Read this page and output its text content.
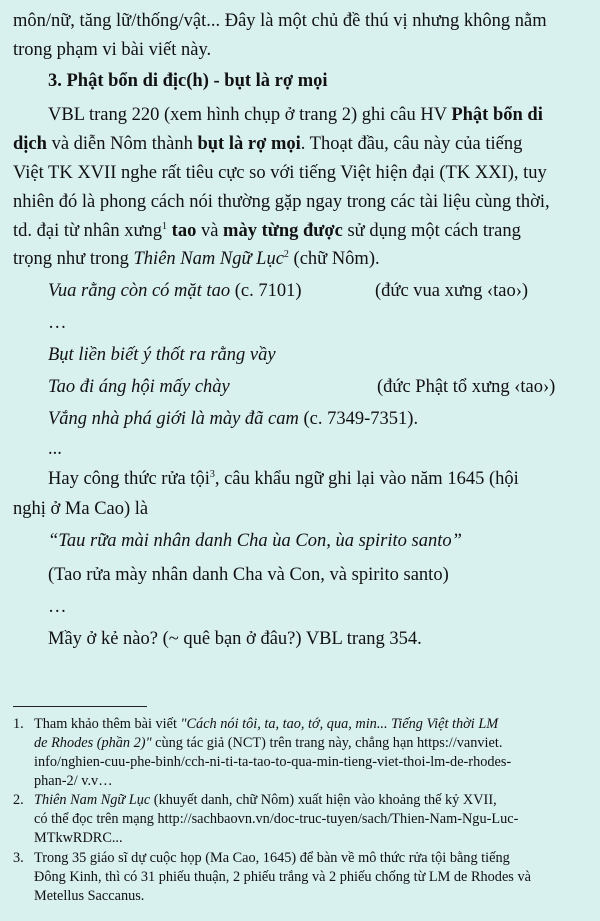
môn/nữ, tăng lữ/thống/vật... Đây là một chủ đề thú vị nhưng không nằm
trong phạm vi bài viết này.
3. Phật bổn di địc(h) - bụt là rợ mọi
VBL trang 220 (xem hình chụp ở trang 2) ghi câu HV Phật bổn di
dịch và diễn Nôm thành bụt là rợ mọi. Thoạt đầu, câu này của tiếng
Việt TK XVII nghe rất tiêu cực so với tiếng Việt hiện đại (TK XXI), tuy
nhiên đó là phong cách nói thường gặp ngay trong các tài liệu cùng thời,
td. đại từ nhân xưng$^1$ tao và mày từng được sử dụng một cách trang
trọng như trong Thiên Nam Ngữ Lục$^2$ (chữ Nôm).
Vua rằng còn có mặt tao (c. 7101)	(đức vua xưng ‹tao›)
…
Bụt liền biết ý thốt ra rằng vầy
Tao đi áng hội mấy chày	(đức Phật tổ xưng ‹tao›)
Vắng nhà phá giới là mày đã cam (c. 7349-7351).
...
Hay công thức rửa tội$^3$, câu khẩu ngữ ghi lại vào năm 1645 (hội
nghị ở Ma Cao) là
“Tau rữa mài nhân danh Cha ùa Con, ùa spirito santo”
(Tao rửa mày nhân danh Cha và Con, và spirito santo)
…
Mầy ở kẻ nào? (~ quê bạn ở đâu?) VBL trang 354.
1. Tham khảo thêm bài viết "Cách nói tôi, ta, tao, tớ, qua, min... Tiếng Việt thời LM
de Rhodes (phần 2)" cùng tác giả (NCT) trên trang này, chẳng hạn https://vanviet.
info/nghien-cuu-phe-binh/cch-ni-ti-ta-tao-to-qua-min-tieng-viet-thoi-lm-de-rhodes-
phan-2/ v.v…
2. Thiên Nam Ngữ Lục (khuyết danh, chữ Nôm) xuất hiện vào khoảng thế kỷ XVII,
có thể đọc trên mạng http://sachbaovn.vn/doc-truc-tuyen/sach/Thien-Nam-Ngu-Luc-
MTkwRDRC...
3. Trong 35 giáo sĩ dự cuộc họp (Ma Cao, 1645) để bàn về mô thức rửa tội bằng tiếng
Đông Kinh, thì có 31 phiếu thuận, 2 phiếu trắng và 2 phiếu chống từ LM de Rhodes và
Metellus Saccanus.
